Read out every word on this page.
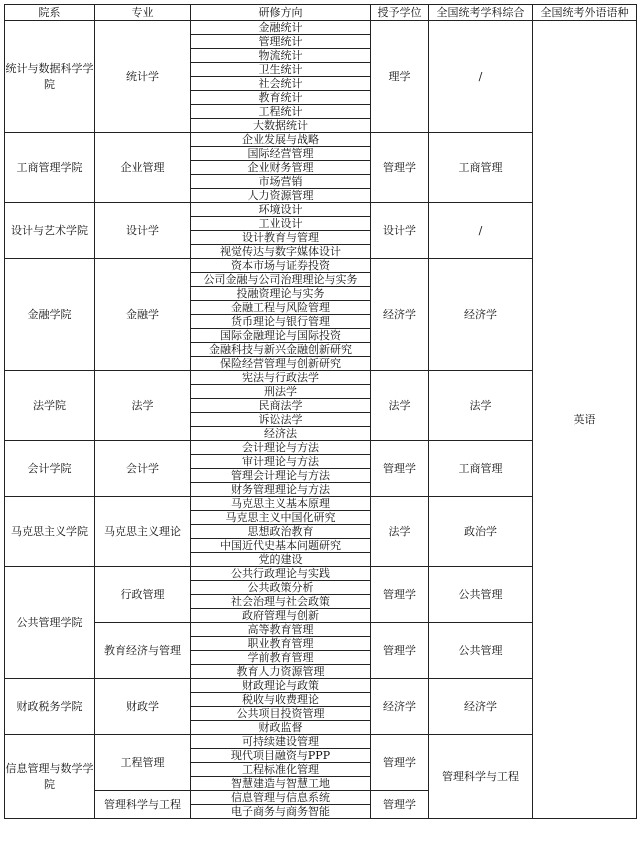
院系	专业	研修方向	授予学位	全国统考学科综合	全国统考外语语种
统计与数据科学学院	统计学	金融统计	理学	/	英语
		管理统计			
		物流统计			
		卫生统计			
		社会统计			
		教育统计			
		工程统计			
		大数据统计			
工商管理学院	企业管理	企业发展与战略	管理学	工商管理	
		国际经营管理			
		企业财务管理			
		市场营销			
		人力资源管理			
设计与艺术学院	设计学	环境设计	设计学	/	
		工业设计			
		设计教育与管理			
		视觉传达与数字媒体设计			
金融学院	金融学	资本市场与证券投资	经济学	经济学	
		公司金融与公司治理理论与实务			
		投融资理论与实务			
		金融工程与风险管理			
		货币理论与银行管理			
		国际金融理论与国际投资			
		金融科技与新兴金融创新研究			
		保险经营管理与创新研究			
法学院	法学	宪法与行政法学	法学	法学	
		刑法学			
		民商法学			
		诉讼法学			
		经济法			
会计学院	会计学	会计理论与方法	管理学	工商管理	
		审计理论与方法			
		管理会计理论与方法			
		财务管理理论与方法			
马克思主义学院	马克思主义理论	马克思主义基本原理	法学	政治学	
		马克思主义中国化研究			
		思想政治教育			
		中国近代史基本问题研究			
		党的建设			
公共管理学院	行政管理	公共行政理论与实践	管理学	公共管理	
		公共政策分析			
		社会治理与社会政策			
		政府管理与创新			
	教育经济与管理	高等教育管理	管理学	公共管理	
		职业教育管理			
		学前教育管理			
		教育人力资源管理			
财政税务学院	财政学	财政理论与政策	经济学	经济学	
		税收与收费理论			
		公共项目投资管理			
		财政监督			
信息管理与数学学院	工程管理	可持续建设管理	管理学	管理科学与工程	
		现代项目融资与PPP			
		工程标准化管理			
		智慧建造与智慧工地			
	管理科学与工程	信息管理与信息系统	管理学		
		电子商务与商务智能			
